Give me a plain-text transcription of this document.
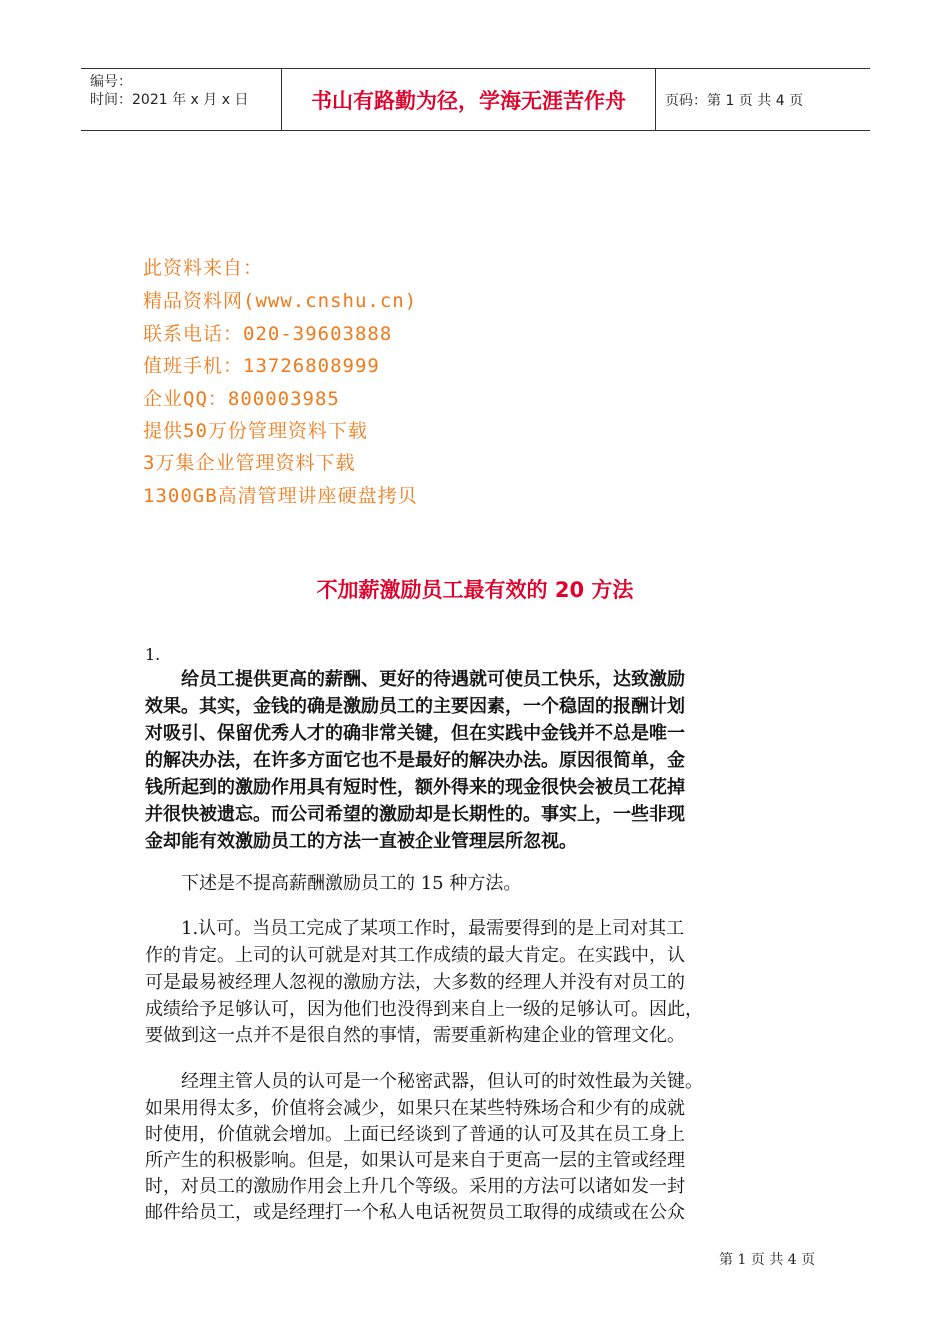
编号：
时间：2021 年 x 月 x 日	书山有路勤为径，学海无涯苦作舟	页码：第 1 页 共 4 页
此资料来自：
精品资料网(www.cnshu.cn)
联系电话：020-39603888
值班手机：13726808999
企业QQ：800003985
提供50万份管理资料下载
3万集企业管理资料下载
1300GB高清管理讲座硬盘拷贝
不加薪激励员工最有效的 20 方法
1.
　　给员工提供更高的薪酬、更好的待遇就可使员工快乐，达致激励
效果。其实，金钱的确是激励员工的主要因素，一个稳固的报酬计划
对吸引、保留优秀人才的确非常关键，但在实践中金钱并不总是唯一
的解决办法，在许多方面它也不是最好的解决办法。原因很简单，金
钱所起到的激励作用具有短时性，额外得来的现金很快会被员工花掉
并很快被遗忘。而公司希望的激励却是长期性的。事实上，一些非现
金却能有效激励员工的方法一直被企业管理层所忽视。
　　下述是不提高薪酬激励员工的 15 种方法。
　　1.认可。当员工完成了某项工作时，最需要得到的是上司对其工
作的肯定。上司的认可就是对其工作成绩的最大肯定。在实践中，认
可是最易被经理人忽视的激励方法，大多数的经理人并没有对员工的
成绩给予足够认可，因为他们也没得到来自上一级的足够认可。因此，
要做到这一点并不是很自然的事情，需要重新构建企业的管理文化。
　　经理主管人员的认可是一个秘密武器，但认可的时效性最为关键。
如果用得太多，价值将会减少，如果只在某些特殊场合和少有的成就
时使用，价值就会增加。上面已经谈到了普通的认可及其在员工身上
所产生的积极影响。但是，如果认可是来自于更高一层的主管或经理
时，对员工的激励作用会上升几个等级。采用的方法可以诸如发一封
邮件给员工，或是经理打一个私人电话祝贺员工取得的成绩或在公众
第 1 页 共 4 页
